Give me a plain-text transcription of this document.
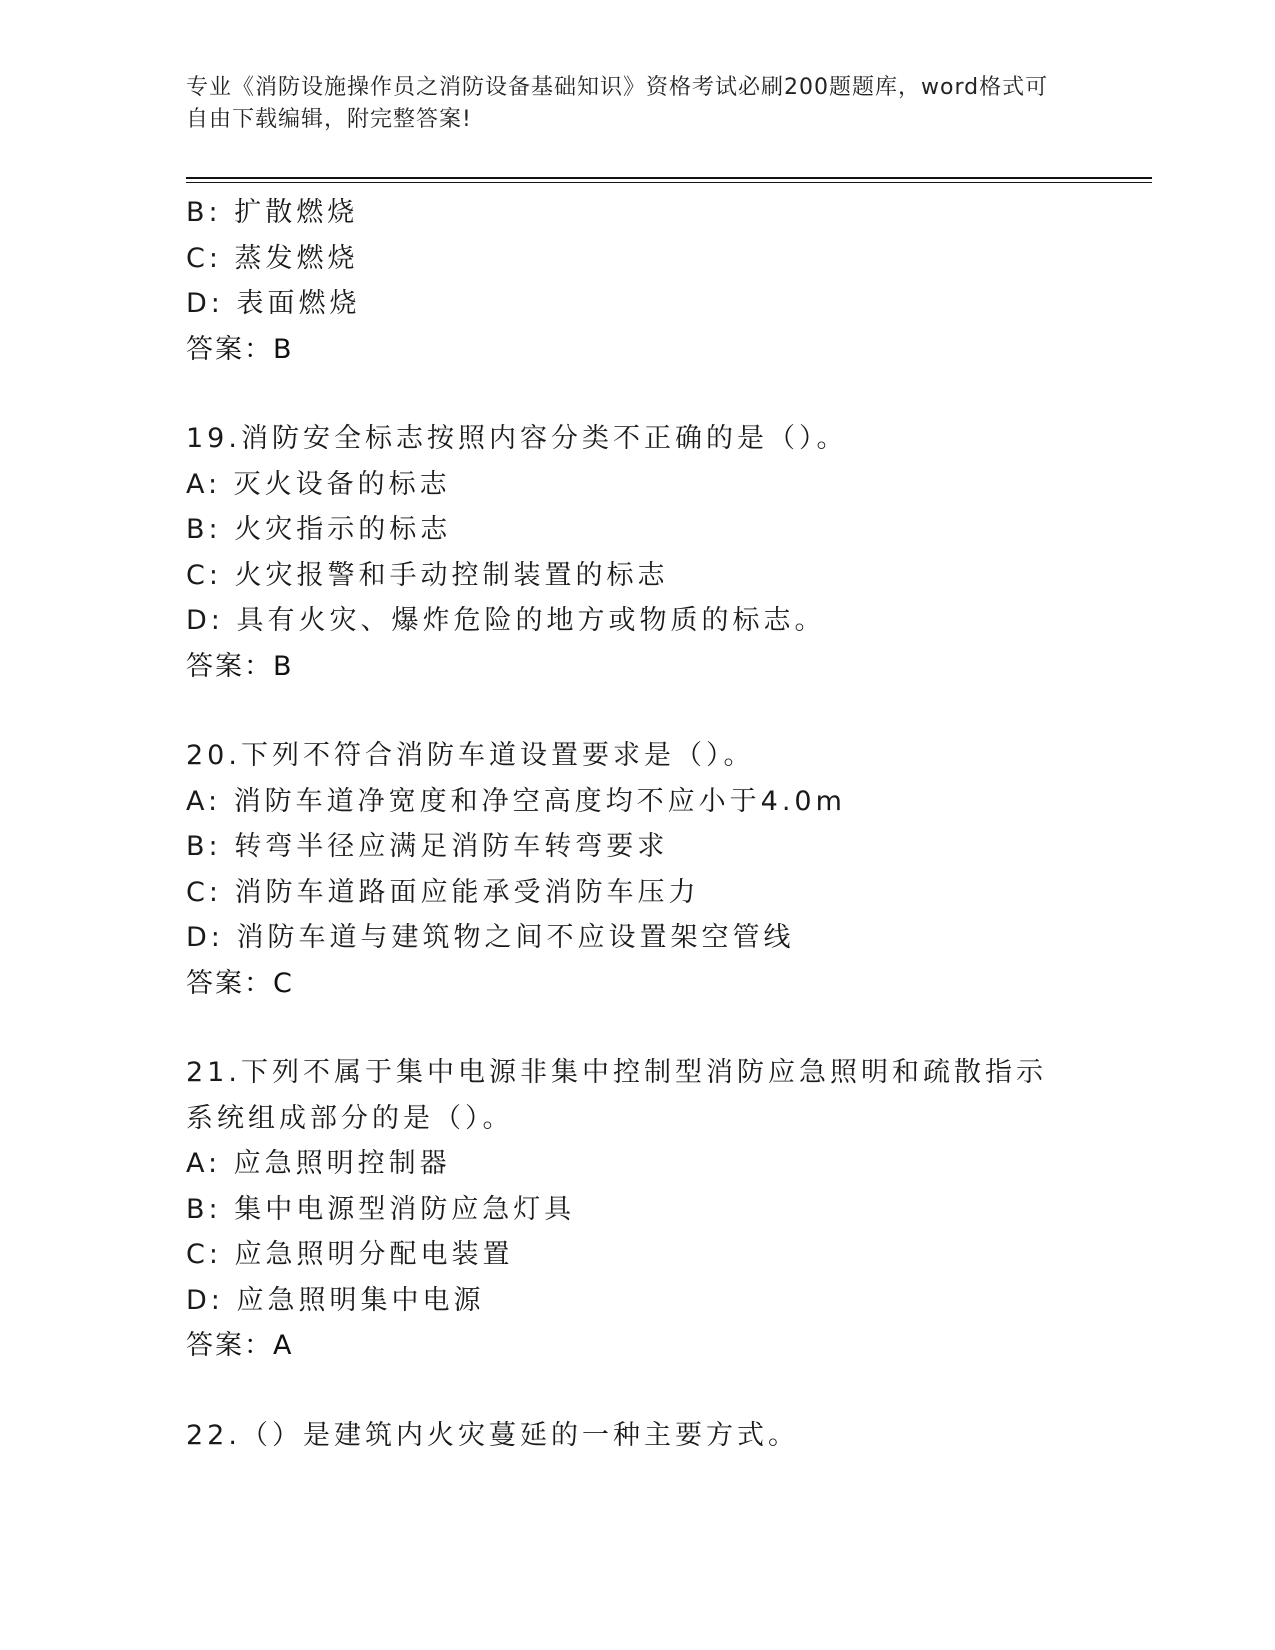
专业《消防设施操作员之消防设备基础知识》资格考试必刷200题题库，word格式可自由下载编辑，附完整答案!
B: 扩散燃烧
C: 蒸发燃烧
D: 表面燃烧
答案：B
19.消防安全标志按照内容分类不正确的是（）。
A: 灭火设备的标志
B: 火灾指示的标志
C: 火灾报警和手动控制装置的标志
D: 具有火灾、爆炸危险的地方或物质的标志。
答案：B
20.下列不符合消防车道设置要求是（）。
A: 消防车道净宽度和净空高度均不应小于4.0m
B: 转弯半径应满足消防车转弯要求
C: 消防车道路面应能承受消防车压力
D: 消防车道与建筑物之间不应设置架空管线
答案：C
21.下列不属于集中电源非集中控制型消防应急照明和疏散指示系统组成部分的是（）。
A: 应急照明控制器
B: 集中电源型消防应急灯具
C: 应急照明分配电装置
D: 应急照明集中电源
答案：A
22.（）是建筑内火灾蔓延的一种主要方式。
